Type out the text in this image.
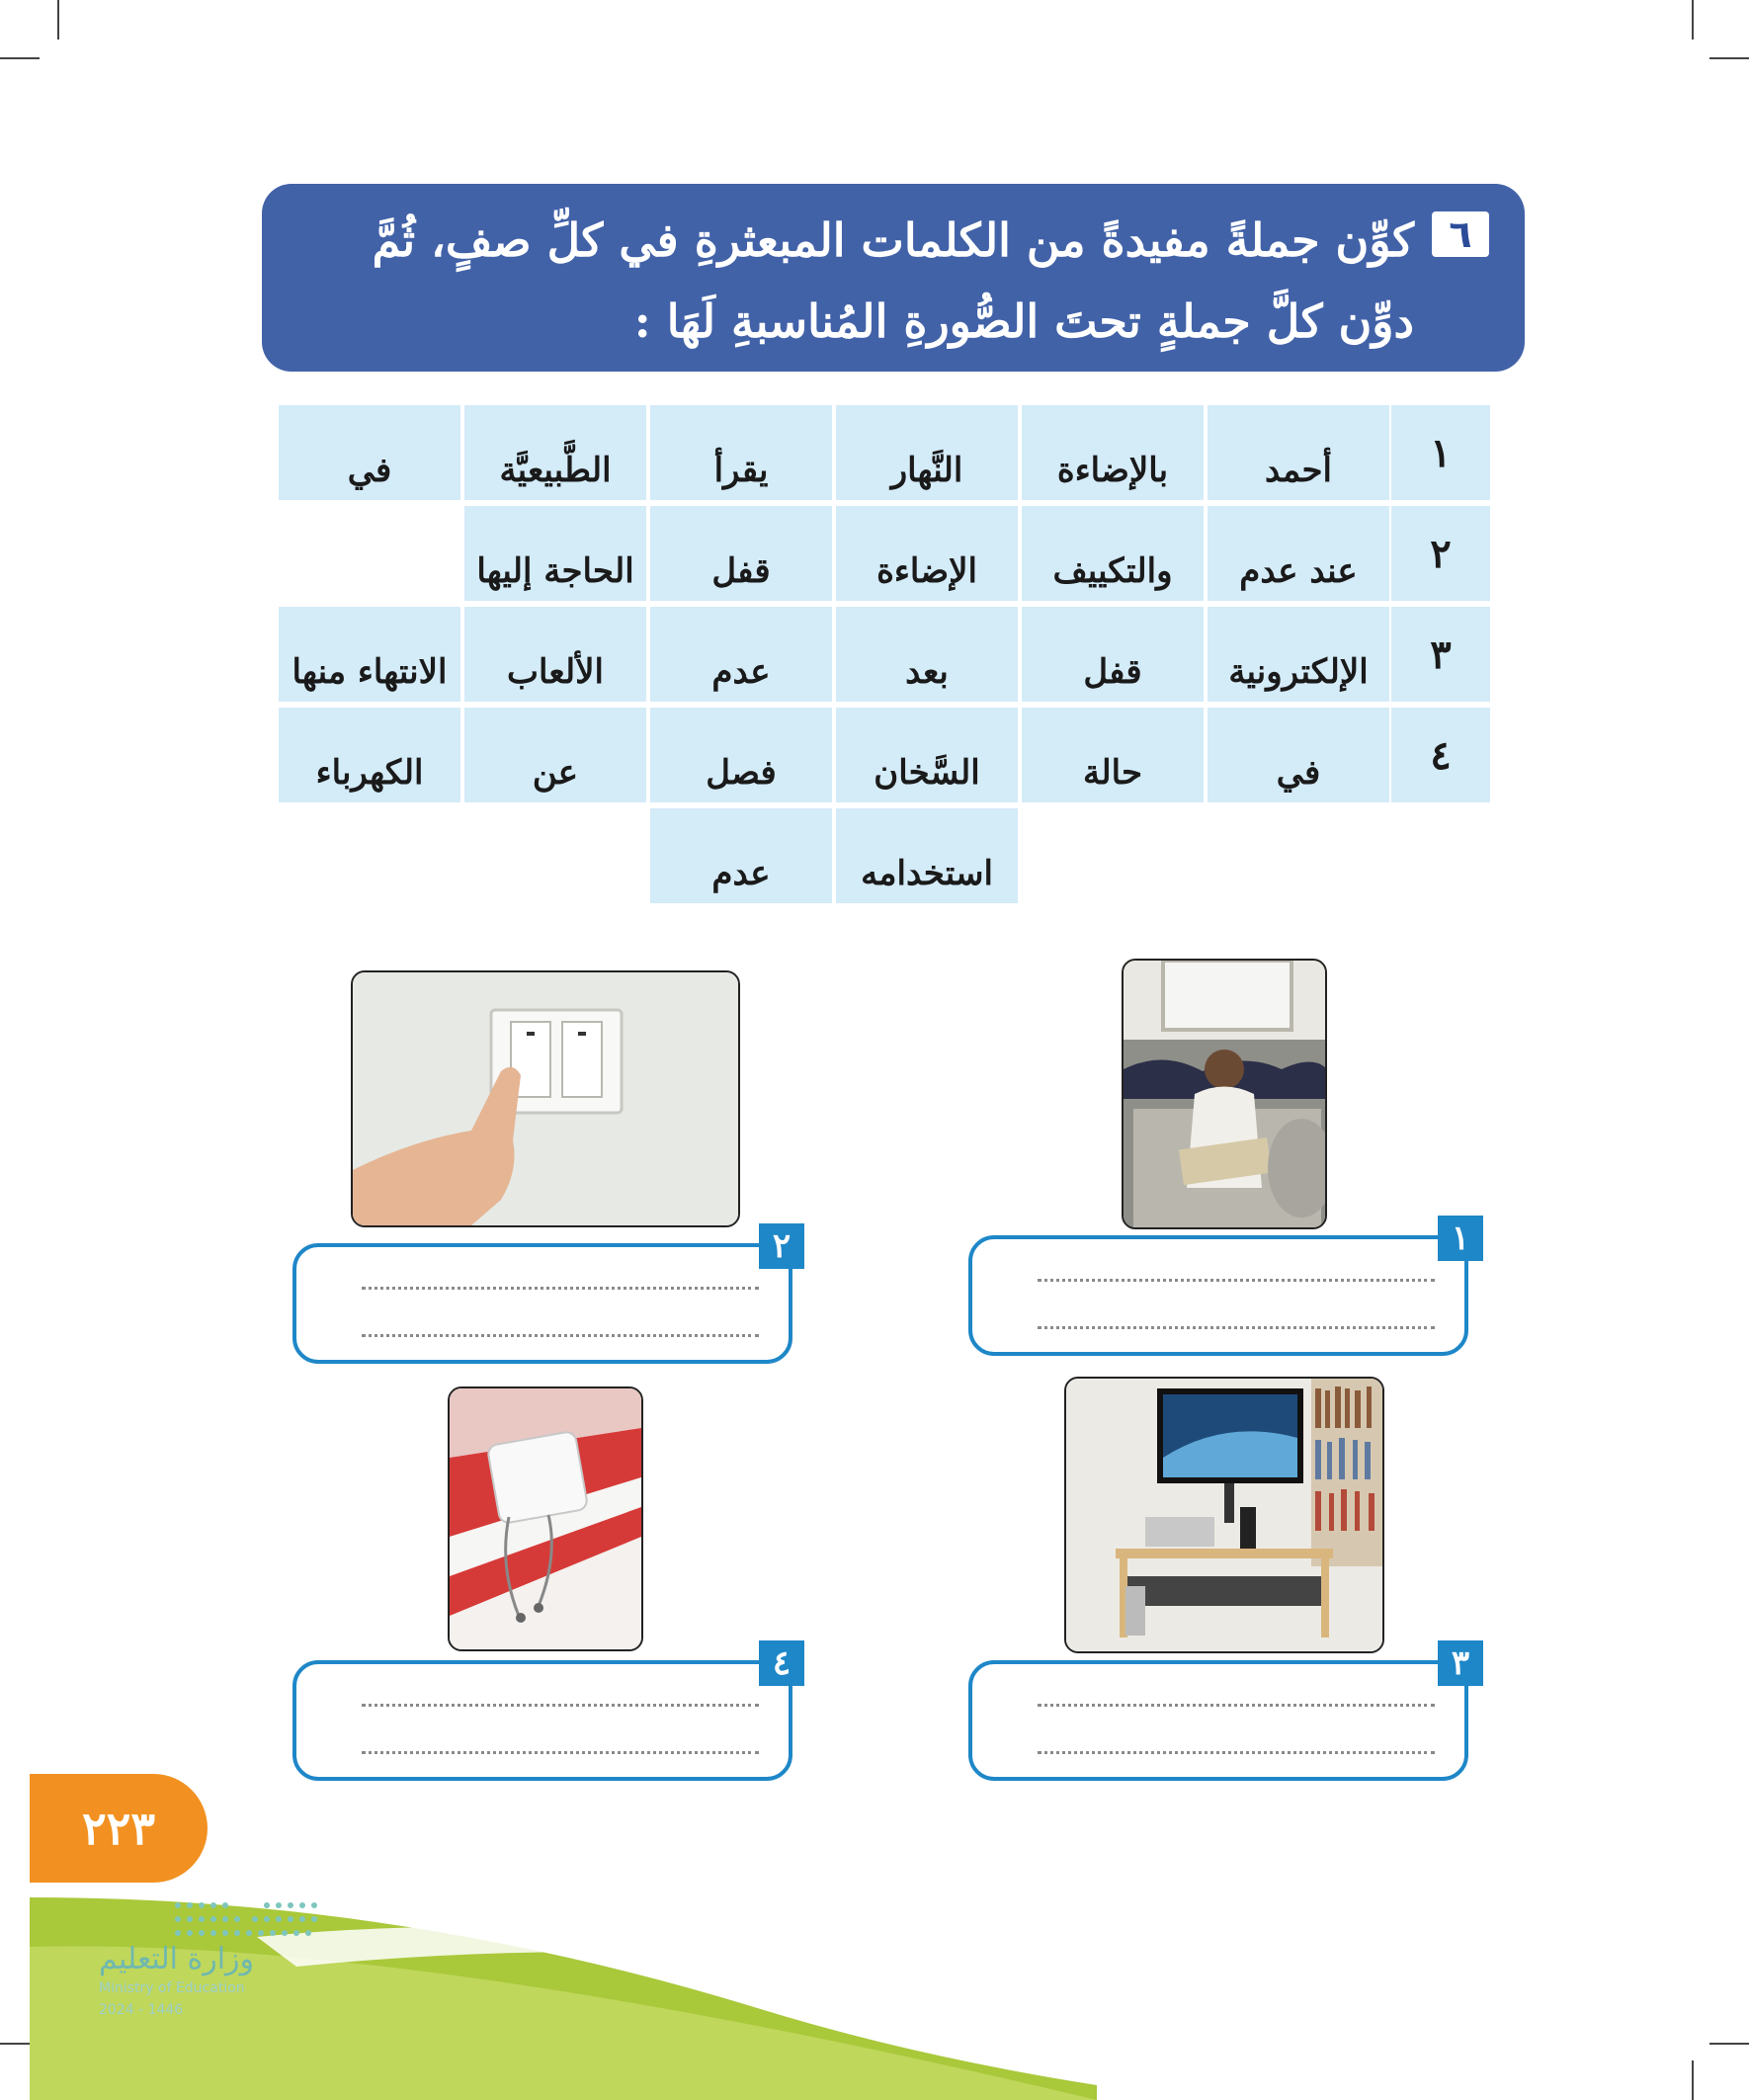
٦
كوِّن جملةً مفيدةً من الكلمات المبعثرةِ في كلِّ صفٍ، ثُمَّ دوِّن كلَّ جملةٍ تحتَ الصُّورةِ المُناسبةِ لَهَا :
١
أحمد
بالإضاءة
النَّهار
يقرأ
الطَّبيعيَّة
في
٢
عند عدم
والتكييف
الإضاءة
قفل
الحاجة إليها
٣
الإلكترونية
قفل
بعد
عدم
الألعاب
الانتهاء منها
٤
في
حالة
السَّخان
فصل
عن
الكهرباء
استخدامه
عدم
١
٢
٣
٤
٢٢٣
وزارة التعليم
Ministry of Education
2024 - 1446
